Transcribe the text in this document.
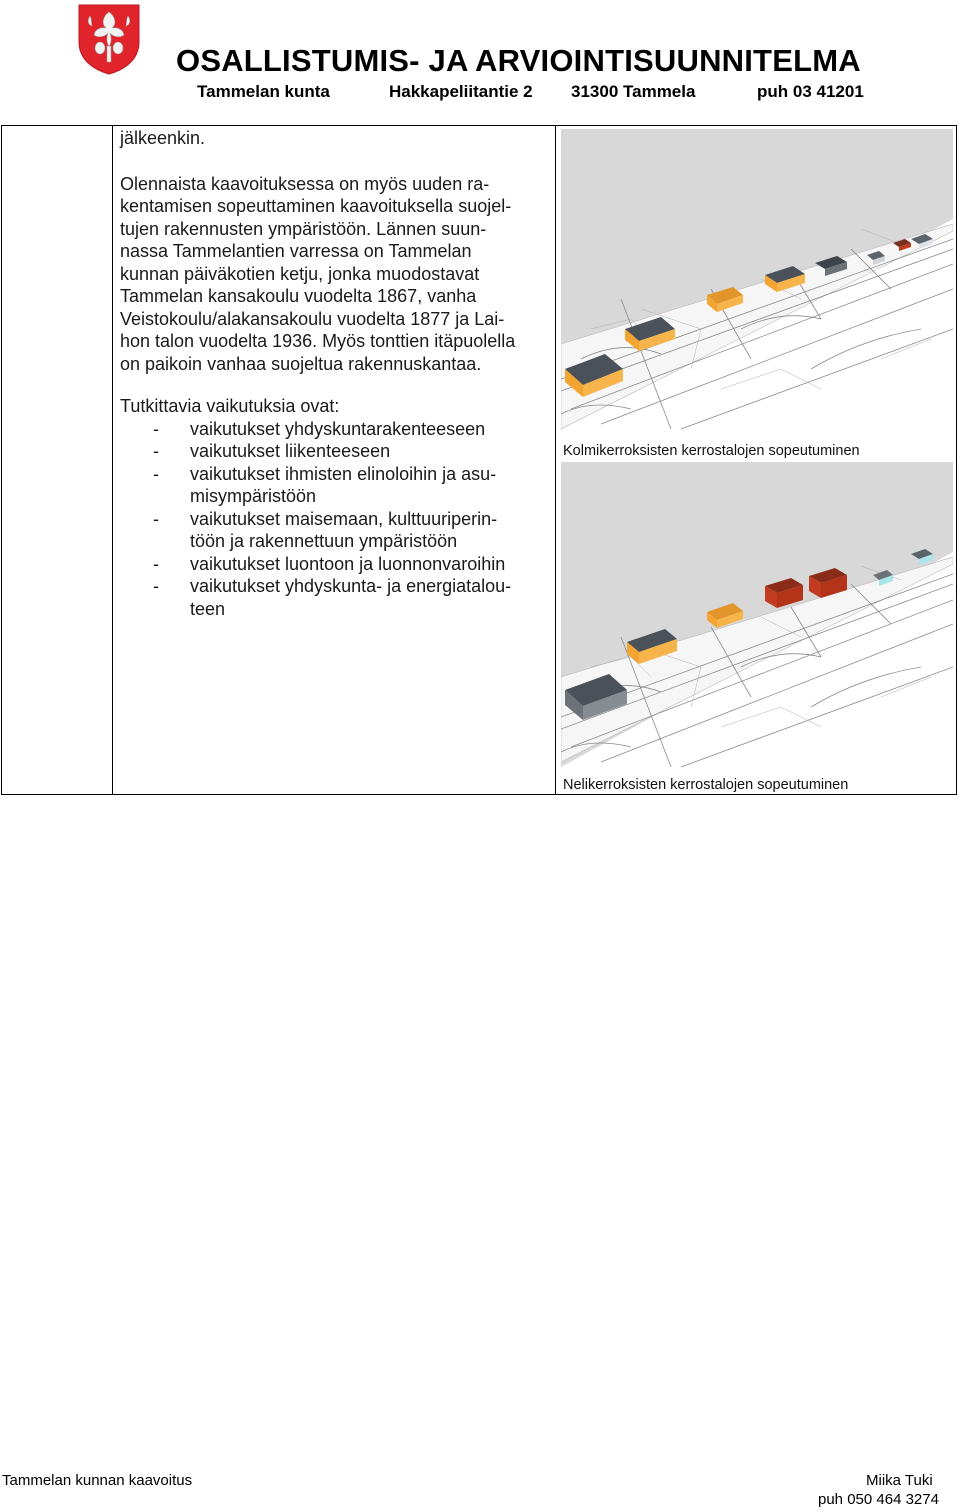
OSALLISTUMIS- JA ARVIOINTISUUNNITELMA
Tammelan kunta	Hakkapeliitantie 2 31300 Tammela	puh 03 41201

jälkeenkin.

Olennaista kaavoituksessa on myös uuden ra-

kentamisen sopeuttaminen kaavoituksella suojel-

tujen rakennusten ympäristöön. Lännen suun-

nassa Tammelantien varressa on Tammelan

kunnan päiväkotien ketju, jonka muodostavat

Tammelan kansakoulu vuodelta 1867, vanha

Veistokoulu/alakansakoulu vuodelta 1877 ja Lai-

hon talon vuodelta 1936. Myös tonttien itäpuolella

on paikoin vanhaa suojeltua rakennuskantaa.

Tutkittavia vaikutuksia ovat:

- vaikutukset yhdyskuntarakenteeseen
- vaikutukset liikenteeseen
- vaikutukset ihmisten elinoloihin ja asu-
misympäristöön
- vaikutukset maisemaan, kulttuuriperin-
töön ja rakennettuun ympäristöön
- vaikutukset luontoon ja luonnonvaroihin
- vaikutukset yhdyskunta- ja energiatalou-
teen
Kolmikerroksisten kerrostalojen sopeutuminen
Nelikerroksisten kerrostalojen sopeutuminen
Tammelan kunnan kaavoitus	Miika Tuki
puh 050 464 3274
